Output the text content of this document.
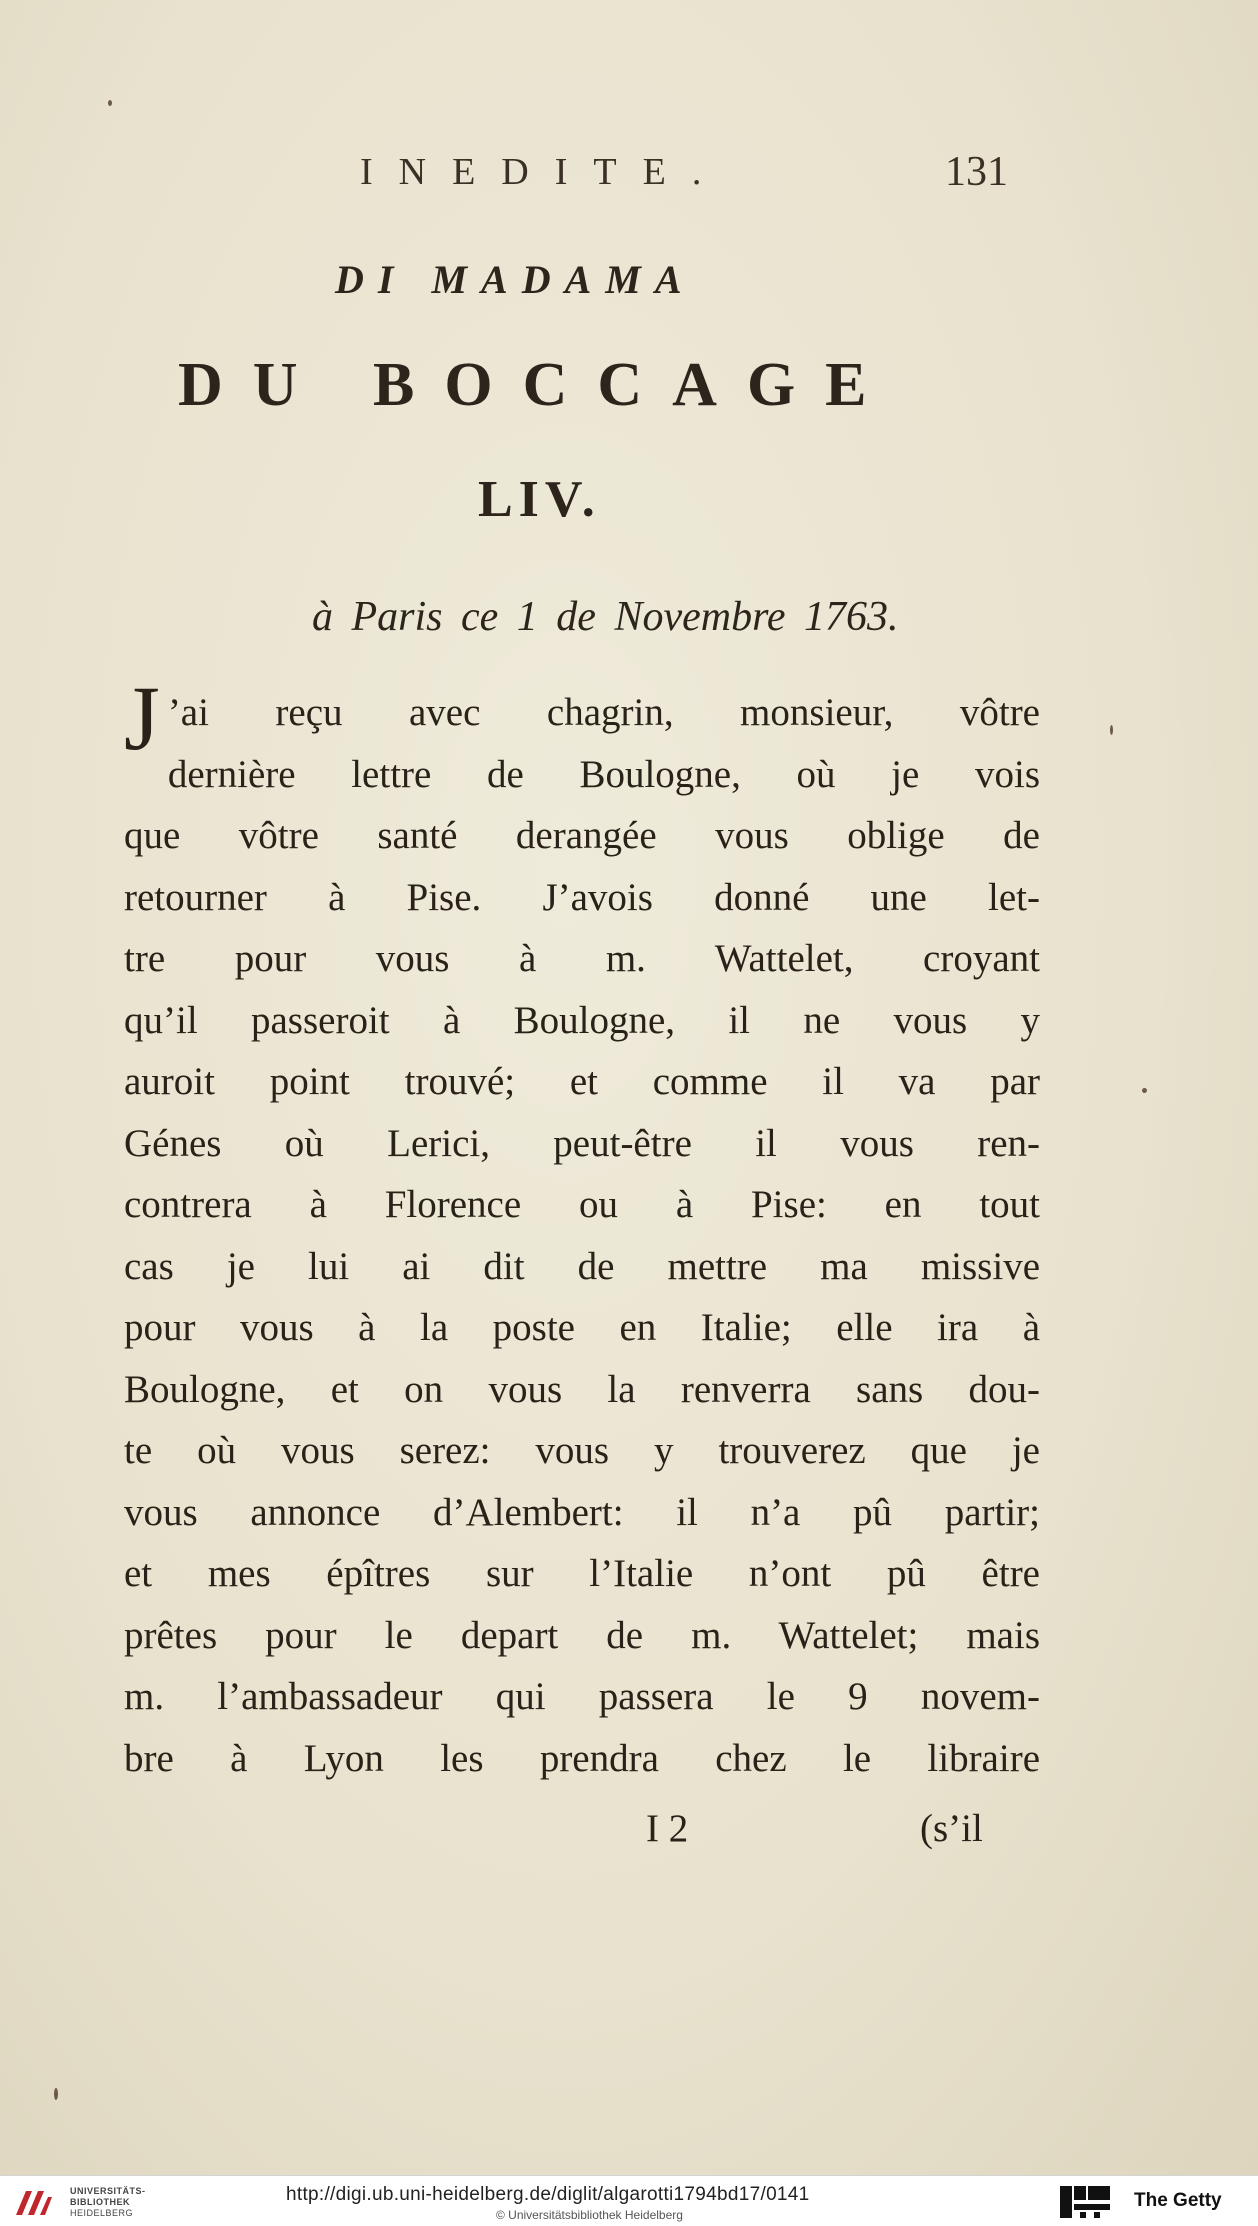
INEDITE.	131
DI MADAMA
DU BOCCAGE
LIV.
à Paris ce 1 de Novembre 1763.
J ’ai reçu avec chagrin, monsieur, vôtre
dernière lettre de Boulogne, où je vois
que vôtre santé derangée vous oblige de
retourner à Pise. J’avois donné une let-
tre pour vous à m. Wattelet, croyant
qu’il passeroit à Boulogne, il ne vous y
auroit point trouvé; et comme il va par
Génes où Lerici, peut-être il vous ren-
contrera à Florence ou à Pise: en tout
cas je lui ai dit de mettre ma missive
pour vous à la poste en Italie; elle ira à
Boulogne, et on vous la renverra sans dou-
te où vous serez: vous y trouverez que je
vous annonce d’Alembert: il n’a pû partir;
et mes épîtres sur l’Italie n’ont pû être
prêtes pour le depart de m. Wattelet; mais
m. l’ambassadeur qui passera le 9 novem-
bre à Lyon les prendra chez le libraire
I 2	(s’il
UNIVERSITÄTS-
BIBLIOTHEK
HEIDELBERG
http://digi.ub.uni-heidelberg.de/diglit/algarotti1794bd17/0141
© Universitätsbibliothek Heidelberg
The Getty
